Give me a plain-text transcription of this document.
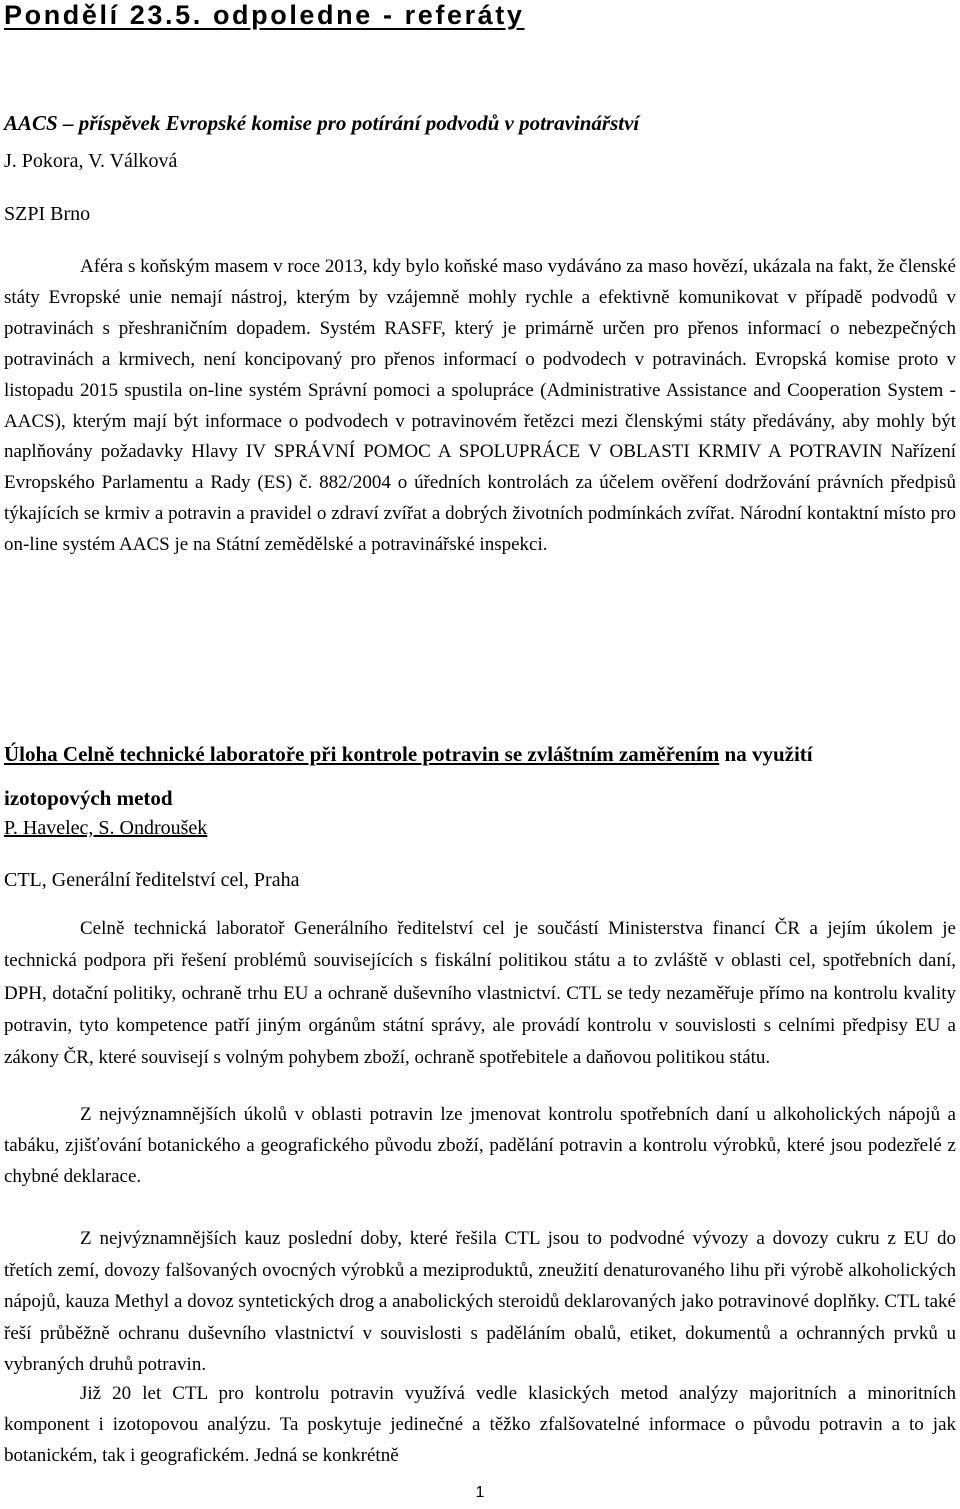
Pondělí 23.5. odpoledne - referáty

AACS – příspěvek Evropské komise pro potírání podvodů v potravinářství

J. Pokora, V. Válková

SZPI Brno

Aféra s koňským masem v roce 2013, kdy bylo koňské maso vydáváno za maso hovězí, ukázala na fakt, že členské státy Evropské unie nemají nástroj, kterým by vzájemně mohly rychle a efektivně komunikovat v případě podvodů v potravinách s přeshraničním dopadem. Systém RASFF, který je primárně určen pro přenos informací o nebezpečných potravinách a krmivech, není koncipovaný pro přenos informací o podvodech v potravinách. Evropská komise proto v listopadu 2015 spustila on-line systém Správní pomoci a spolupráce (Administrative Assistance and Cooperation System - AACS), kterým mají být informace o podvodech v potravinovém řetězci mezi členskými státy předávány, aby mohly být naplňovány požadavky Hlavy IV SPRÁVNÍ POMOC A SPOLUPRÁCE V OBLASTI KRMIV A POTRAVIN Nařízení Evropského Parlamentu a Rady (ES) č. 882/2004 o úředních kontrolách za účelem ověření dodržování právních předpisů týkajících se krmiv a potravin a pravidel o zdraví zvířat a dobrých životních podmínkách zvířat. Národní kontaktní místo pro on-line systém AACS je na Státní zemědělské a potravinářské inspekci.

Úloha Celně technické laboratoře při kontrole potravin se zvláštním zaměřením na využití izotopových metod

P. Havelec, S. Ondroušek

CTL, Generální ředitelství cel, Praha

Celně technická laboratoř Generálního ředitelství cel je součástí Ministerstva financí ČR a jejím úkolem je technická podpora při řešení problémů souvisejících s fiskální politikou státu a to zvláště v oblasti cel, spotřebních daní, DPH, dotační politiky, ochraně trhu EU a ochraně duševního vlastnictví. CTL se tedy nezaměřuje přímo na kontrolu kvality potravin, tyto kompetence patří jiným orgánům státní správy, ale provádí kontrolu v souvislosti s celními předpisy EU a zákony ČR, které souvisejí s volným pohybem zboží, ochraně spotřebitele a daňovou politikou státu.

Z nejvýznamnějších úkolů v oblasti potravin lze jmenovat kontrolu spotřebních daní u alkoholických nápojů a tabáku, zjišťování botanického a geografického původu zboží, padělání potravin a kontrolu výrobků, které jsou podezřelé z chybné deklarace.

Z nejvýznamnějších kauz poslední doby, které řešila CTL jsou to podvodné vývozy a dovozy cukru z EU do třetích zemí, dovozy falšovaných ovocných výrobků a meziproduktů, zneužití denaturovaného lihu při výrobě alkoholických nápojů, kauza Methyl a dovoz syntetických drog a anabolických steroidů deklarovaných jako potravinové doplňky. CTL také řeší průběžně ochranu duševního vlastnictví v souvislosti s paděláním obalů, etiket, dokumentů a ochranných prvků u vybraných druhů potravin.

Již 20 let CTL pro kontrolu potravin využívá vedle klasických metod analýzy majoritních a minoritních komponent i izotopovou analýzu. Ta poskytuje jedinečné a těžko zfalšovatelné informace o původu potravin a to jak botanickém, tak i geografickém. Jedná se konkrétně

1
